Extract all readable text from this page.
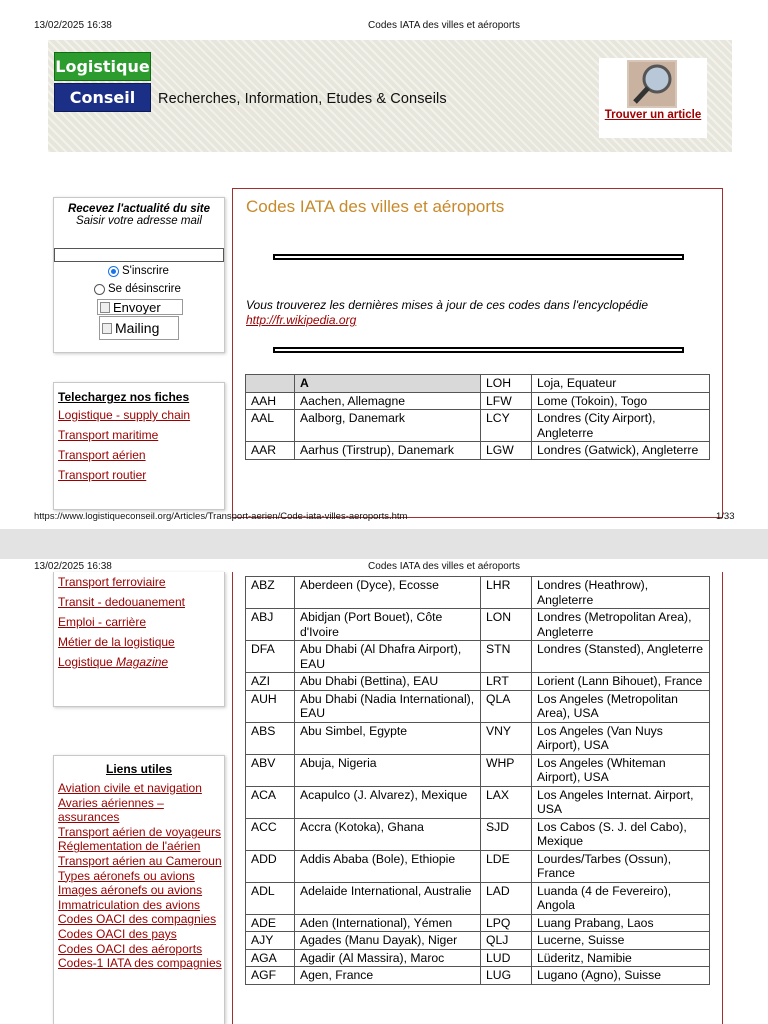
13/02/2025 16:38	Codes IATA des villes et aéroports
Logistique
Conseil Recherches, Information, Etudes & Conseils
Trouver un article
Recevez l'actualité du site
Saisir votre adresse mail
S'inscrire
Se désinscrire
Envoyer
Mailing
Telechargez nos fiches
Logistique - supply chain
Transport maritime
Transport aérien
Transport routier
Codes IATA des villes et aéroports
Vous trouverez les dernières mises à jour de ces codes dans l'encyclopédie
http://fr.wikipedia.org
	A	LOH	Loja, Equateur
AAH	Aachen, Allemagne	LFW	Lome (Tokoin), Togo
AAL	Aalborg, Danemark	LCY	Londres (City Airport), Angleterre
AAR	Aarhus (Tirstrup), Danemark	LGW	Londres (Gatwick), Angleterre
https://www.logistiqueconseil.org/Articles/Transport-aerien/Code-iata-villes-aeroports.htm	1/33
13/02/2025 16:38	Codes IATA des villes et aéroports
Transport ferroviaire
Transit - dedouanement
Emploi - carrière
Métier de la logistique
Logistique Magazine
Liens utiles
Aviation civile et navigation
Avaries aériennes – assurances
Transport aérien de voyageurs
Réglementation de l'aérien
Transport aérien au Cameroun
Types aéronefs ou avions
Images aéronefs ou avions
Immatriculation des avions
Codes OACI des compagnies
Codes OACI des pays
Codes OACI des aéroports
Codes-1 IATA des compagnies
ABZ	Aberdeen (Dyce), Ecosse	LHR	Londres (Heathrow), Angleterre
ABJ	Abidjan (Port Bouet), Côte d'Ivoire	LON	Londres (Metropolitan Area), Angleterre
DFA	Abu Dhabi (Al Dhafra Airport), EAU	STN	Londres (Stansted), Angleterre
AZI	Abu Dhabi (Bettina), EAU	LRT	Lorient (Lann Bihouet), France
AUH	Abu Dhabi (Nadia International), EAU	QLA	Los Angeles (Metropolitan Area), USA
ABS	Abu Simbel, Egypte	VNY	Los Angeles (Van Nuys Airport), USA
ABV	Abuja, Nigeria	WHP	Los Angeles (Whiteman Airport), USA
ACA	Acapulco (J. Alvarez), Mexique	LAX	Los Angeles Internat. Airport, USA
ACC	Accra (Kotoka), Ghana	SJD	Los Cabos (S. J. del Cabo), Mexique
ADD	Addis Ababa (Bole), Ethiopie	LDE	Lourdes/Tarbes (Ossun), France
ADL	Adelaide International, Australie	LAD	Luanda (4 de Fevereiro), Angola
ADE	Aden (International), Yémen	LPQ	Luang Prabang, Laos
AJY	Agades (Manu Dayak), Niger	QLJ	Lucerne, Suisse
AGA	Agadir (Al Massira), Maroc	LUD	Lüderitz, Namibie
AGF	Agen, France	LUG	Lugano (Agno), Suisse
